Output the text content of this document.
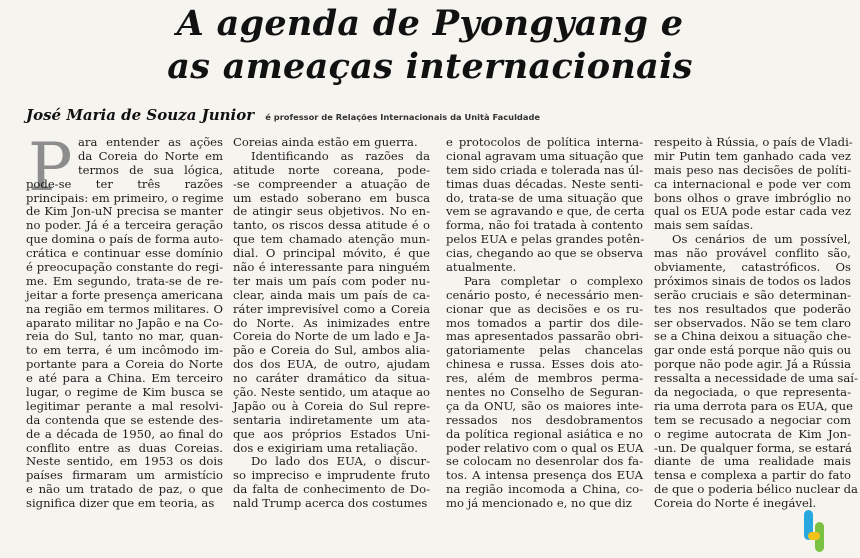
A agenda de Pyongyang e
as ameaças internacionais
José Maria de Souza Junior é professor de Relações Internacionais da Unità Faculdade
P ara entender as ações
da Coreia do Norte em
termos de sua lógica,
pode-se ter três razões
principais: em primeiro, o regime
de Kim Jon-uN precisa se manter
no poder. Já é a terceira geração
que domina o país de forma autο-
crática e continuar esse domínio
é preocupação constante do regi-
me. Em segundo, trata-se de re-
jeitar a forte presença americana
na região em termos militares. O
aparato militar no Japão e na Co-
reia do Sul, tanto no mar, quan-
to em terra, é um incômodo im-
portante para a Coreia do Norte
e até para a China. Em terceiro
lugar, o regime de Kim busca se
legitimar perante a mal resolvi-
da contenda que se estende des-
de a década de 1950, ao final do
conflito entre as duas Coreias.
Neste sentido, em 1953 os dois
países firmaram um armistício
e não um tratado de paz, o que
significa dizer que em teoria, as
Coreias ainda estão em guerra.
Identificando as razões da
atitude norte coreana, pode-
-se compreender a atuação de
um estado soberano em busca
de atingir seus objetivos. No en-
tanto, os riscos dessa atitude é o
que tem chamado atenção mun-
dial. O principal móvito, é que
não é interessante para ninguém
ter mais um país com poder nu-
clear, ainda mais um país de ca-
ráter imprevisível como a Coreia
do Norte. As inimizades entre
Coreia do Norte de um lado e Ja-
pão e Coreia do Sul, ambos alia-
dos dos EUA, de outro, ajudam
no caráter dramático da situa-
ção. Neste sentido, um ataque ao
Japão ou à Coreia do Sul repre-
sentaria indiretamente um ata-
que aos próprios Estados Uni-
dos e exigiriam uma retaliação.
Do lado dos EUA, o discur-
so impreciso e imprudente fruto
da falta de conhecimento de Do-
nald Trump acerca dos costumes
e protocolos de política interna-
cional agravam uma situação que
tem sido criada e tolerada nas úl-
timas duas décadas. Neste senti-
do, trata-se de uma situação que
vem se agravando e que, de certa
forma, não foi tratada à contento
pelos EUA e pelas grandes potên-
cias, chegando ao que se observa
atualmente.
Para completar o complexo
cenário posto, é necessário men-
cionar que as decisões e os ru-
mos tomados a partir dos dile-
mas apresentados passarão obri-
gatoriamente pelas chancelas
chinesa e russa. Esses dois ato-
res, além de membros perma-
nentes no Conselho de Seguran-
ça da ONU, são os maiores inte-
ressados nos desdobramentos
da política regional asiática e no
poder relativo com o qual os EUA
se colocam no desenrolar dos fa-
tos. A intensa presença dos EUA
na região incomoda a China, co-
mo já mencionado e, no que diz
respeito à Rússia, o país de Vladi-
mir Putin tem ganhado cada vez
mais peso nas decisões de políti-
ca internacional e pode ver com
bons olhos o grave imbróglio no
qual os EUA pode estar cada vez
mais sem saídas.
Os cenários de um possível,
mas não provável conflito são,
obviamente, catastróficos. Os
próximos sinais de todos os lados
serão cruciais e são determinan-
tes nos resultados que poderão
ser observados. Não se tem claro
se a China deixou a situação che-
gar onde está porque não quis ou
porque não pode agir. Já a Rússia
ressalta a necessidade de uma saí-
da negociada, o que representa-
ria uma derrota para os EUA, que
tem se recusado a negociar com
o regime autocrata de Kim Jon-
-un. De qualquer forma, se estará
diante de uma realidade mais
tensa e complexa a partir do fato
de que o poderia bélico nuclear da
Coreia do Norte é inegável.
